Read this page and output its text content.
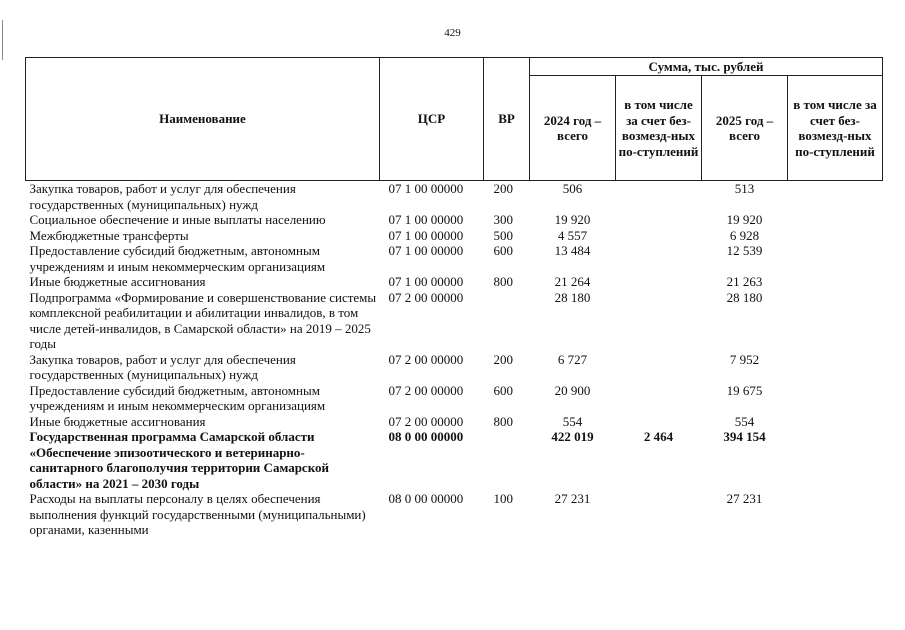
429
Наименование	ЦСР	ВР	Сумма, тыс. рублей			
			2024 год – всего	в том числе за счет без-возмезд-ных по-ступлений	2025 год – всего	в том числе за счет без-возмезд-ных по-ступлений
Закупка товаров, работ и услуг для обеспечения государственных (муниципальных) нужд	07 1 00 00000	200	506		513	
Социальное обеспечение и иные выплаты населению	07 1 00 00000	300	19 920		19 920	
Межбюджетные трансферты	07 1 00 00000	500	4 557		6 928	
Предоставление субсидий бюджетным, автономным учреждениям и иным некоммерческим организациям	07 1 00 00000	600	13 484		12 539	
Иные бюджетные ассигнования	07 1 00 00000	800	21 264		21 263	
Подпрограмма «Формирование и совершенствование системы комплексной реабилитации и абилитации инвалидов, в том числе детей-инвалидов, в Самарской области» на 2019 – 2025 годы	07 2 00 00000		28 180		28 180	
Закупка товаров, работ и услуг для обеспечения государственных (муниципальных) нужд	07 2 00 00000	200	6 727		7 952	
Предоставление субсидий бюджетным, автономным учреждениям и иным некоммерческим организациям	07 2 00 00000	600	20 900		19 675	
Иные бюджетные ассигнования	07 2 00 00000	800	554		554	
Государственная программа Самарской области «Обеспечение эпизоотического и ветеринарно-санитарного благополучия территории Самарской области» на 2021 – 2030 годы	08 0 00 00000		422 019	2 464	394 154	
Расходы на выплаты персоналу в целях обеспечения выполнения функций государственными (муниципальными) органами, казенными	08 0 00 00000	100	27 231		27 231	
